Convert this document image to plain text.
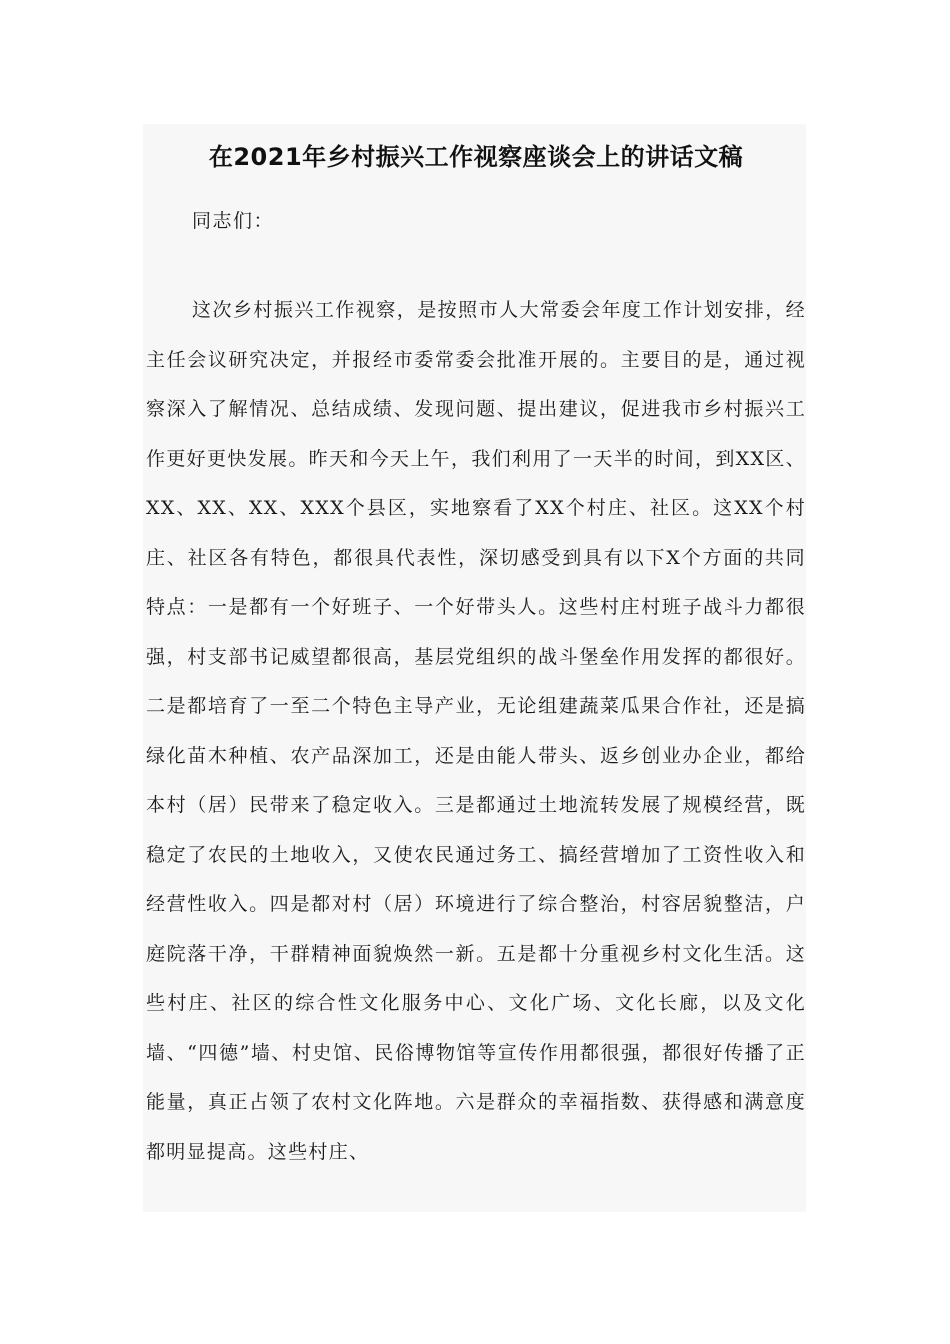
在2021年乡村振兴工作视察座谈会上的讲话文稿

同志们：

这次乡村振兴工作视察，是按照市人大常委会年度工作计划安排，经主任会议研究决定，并报经市委常委会批准开展的。主要目的是，通过视察深入了解情况、总结成绩、发现问题、提出建议，促进我市乡村振兴工作更好更快发展。昨天和今天上午，我们利用了一天半的时间，到XX区、XX、XX、XX、XXX个县区，实地察看了XX个村庄、社区。这XX个村庄、社区各有特色，都很具代表性，深切感受到具有以下X个方面的共同特点：一是都有一个好班子、一个好带头人。这些村庄村班子战斗力都很强，村支部书记威望都很高，基层党组织的战斗堡垒作用发挥的都很好。二是都培育了一至二个特色主导产业，无论组建蔬菜瓜果合作社，还是搞绿化苗木种植、农产品深加工，还是由能人带头、返乡创业办企业，都给本村（居）民带来了稳定收入。三是都通过土地流转发展了规模经营，既稳定了农民的土地收入，又使农民通过务工、搞经营增加了工资性收入和经营性收入。四是都对村（居）环境进行了综合整治，村容居貌整洁，户庭院落干净，干群精神面貌焕然一新。五是都十分重视乡村文化生活。这些村庄、社区的综合性文化服务中心、文化广场、文化长廊，以及文化墙、“四德”墙、村史馆、民俗博物馆等宣传作用都很强，都很好传播了正能量，真正占领了农村文化阵地。六是群众的幸福指数、获得感和满意度都明显提高。这些村庄、
